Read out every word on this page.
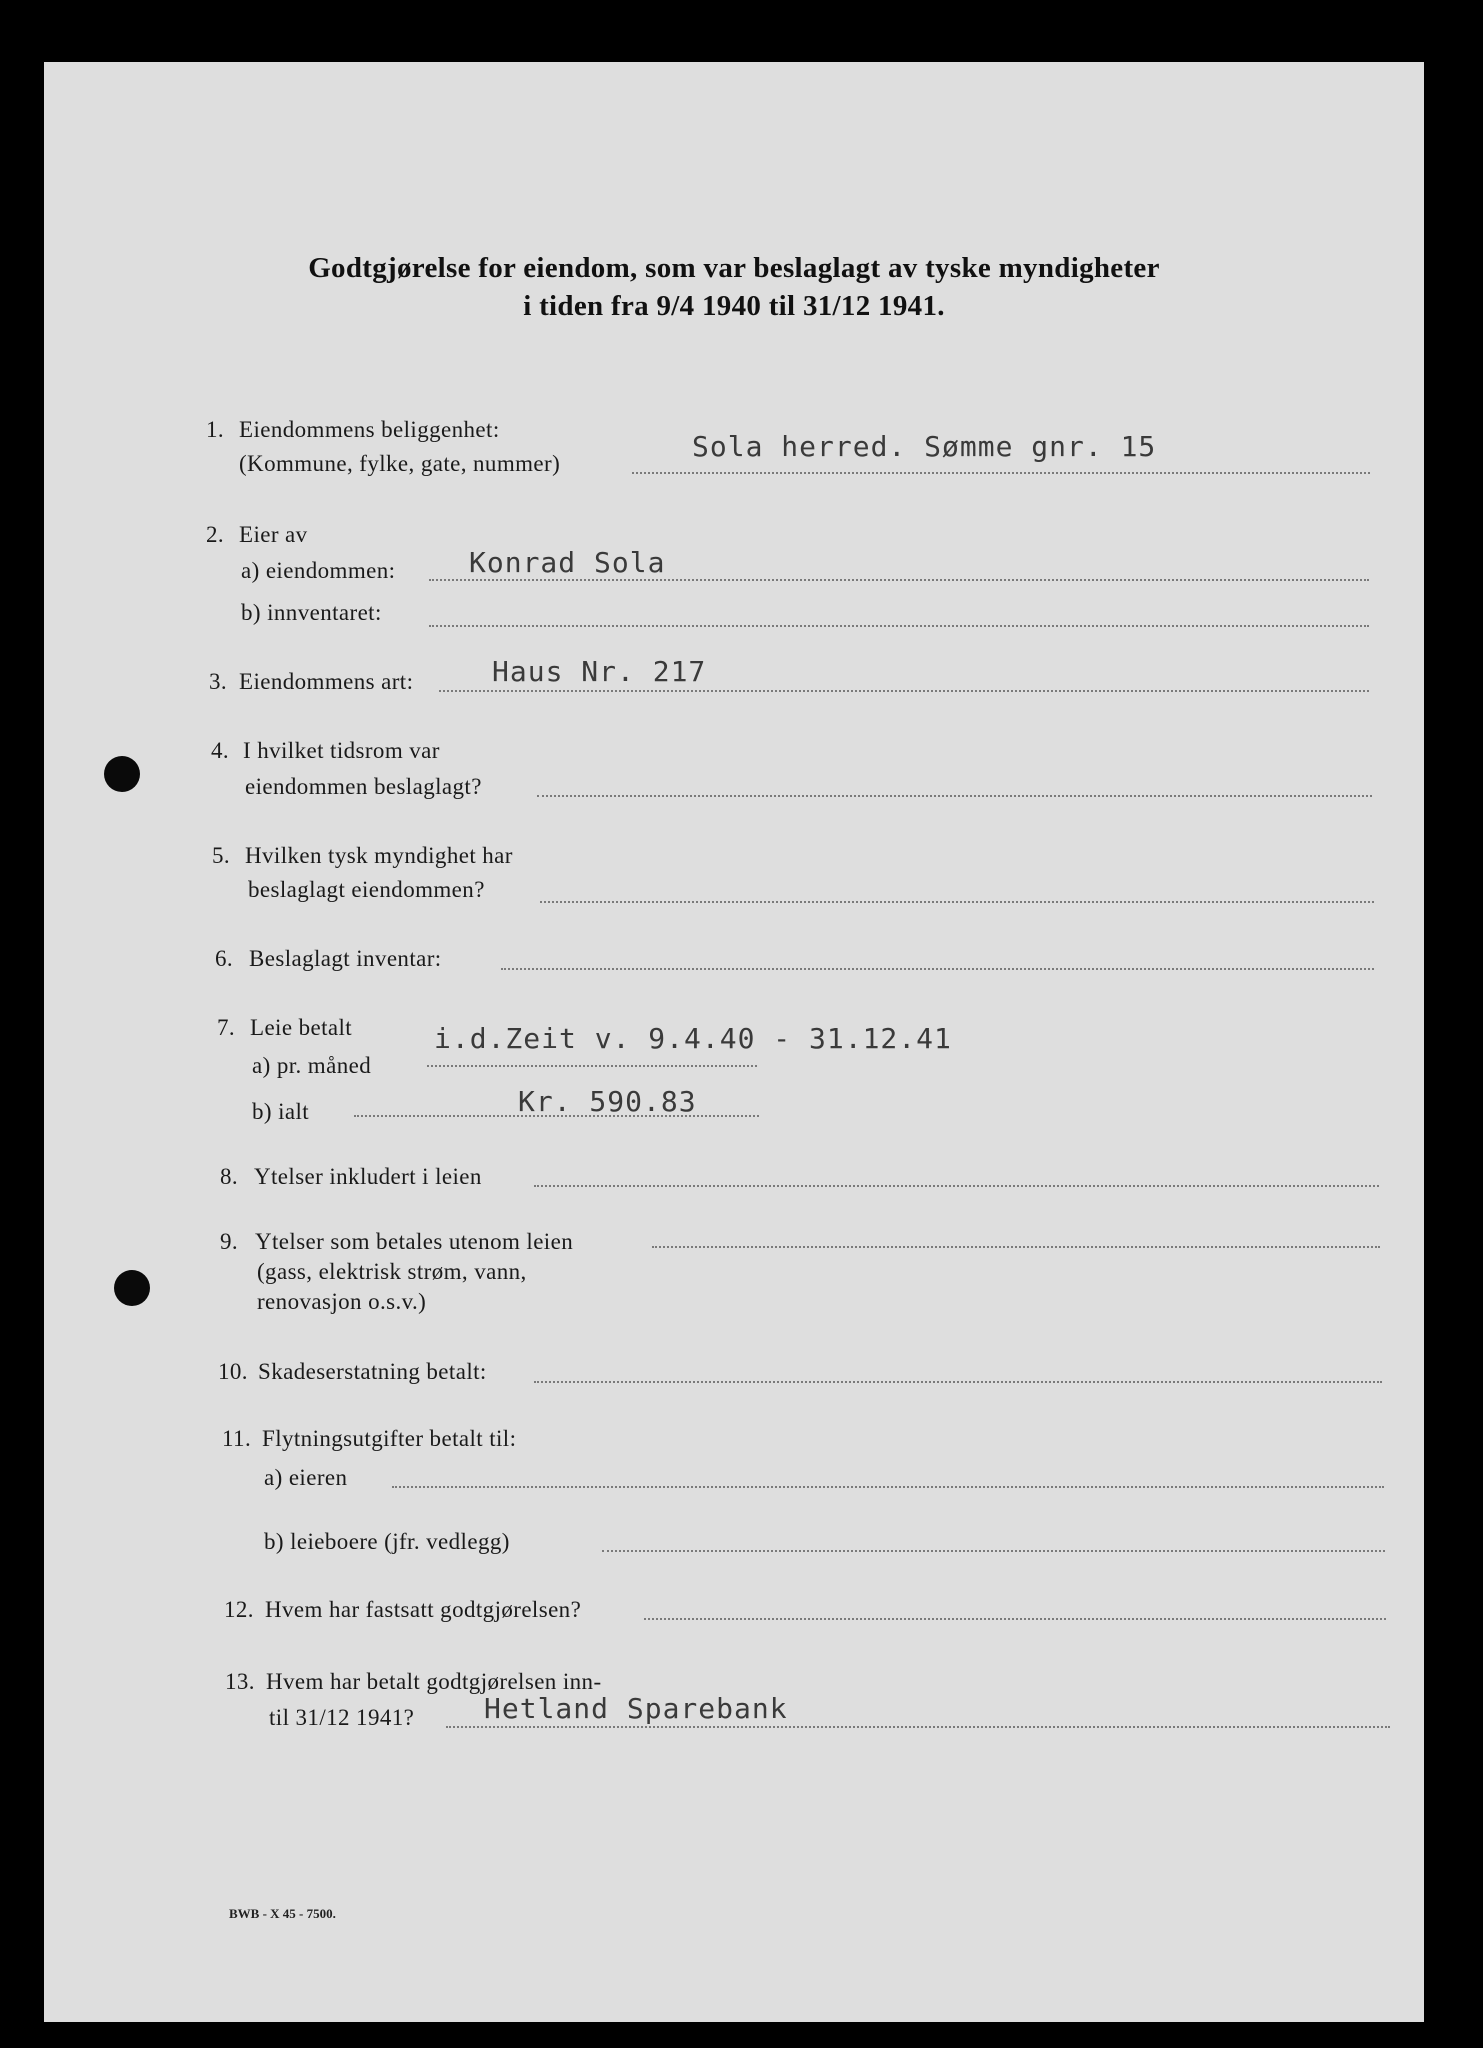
Godtgjørelse for eiendom, som var beslaglagt av tyske myndigheter
i tiden fra 9/4 1940 til 31/12 1941.
1. Eiendommens beliggenhet:
(Kommune, fylke, gate, nummer)
Sola herred. Sømme gnr. 15
2. Eier av
a) eiendommen:	Konrad Sola
b) innventaret:
3. Eiendommens art:	Haus Nr. 217
4. I hvilket tidsrom var
eiendommen beslaglagt?
5. Hvilken tysk myndighet har
beslaglagt eiendommen?
6. Beslaglagt inventar:
7. Leie betalt
a) pr. måned
i.d.Zeit v. 9.4.40 - 31.12.41
b) ialt	Kr. 590.83
8. Ytelser inkludert i leien
9. Ytelser som betales utenom leien
(gass, elektrisk strøm, vann,
renovasjon o.s.v.)
10. Skadeserstatning betalt:
11. Flytningsutgifter betalt til:
a) eieren
b) leieboere (jfr. vedlegg)
12. Hvem har fastsatt godtgjørelsen?
13. Hvem har betalt godtgjørelsen inn-
til 31/12 1941? Hetland Sparebank
BWB - X 45 - 7500.
